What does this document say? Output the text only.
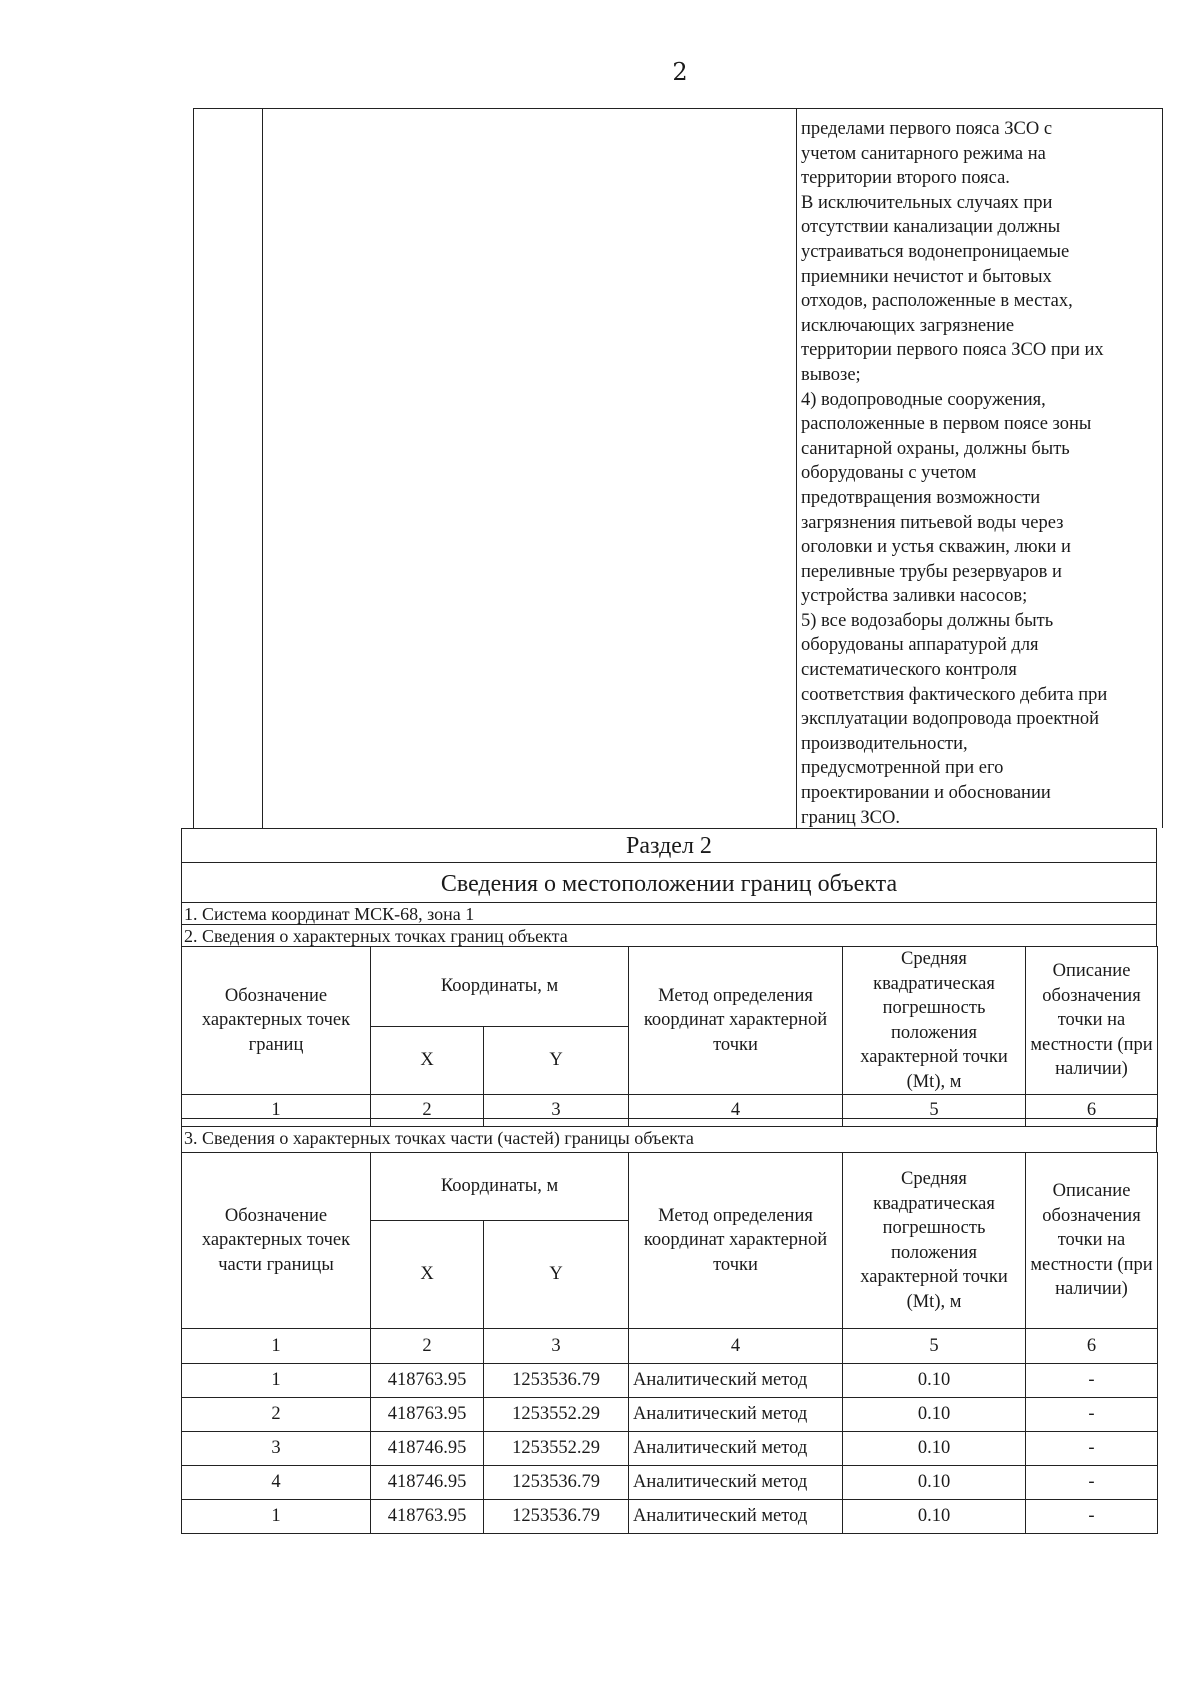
2
пределами первого пояса ЗСО с
учетом санитарного режима на
территории второго пояса.
В исключительных случаях при
отсутствии канализации должны
устраиваться водонепроницаемые
приемники нечистот и бытовых
отходов, расположенные в местах,
исключающих загрязнение
территории первого пояса ЗСО при их
вывозе;
4) водопроводные сооружения,
расположенные в первом поясе зоны
санитарной охраны, должны быть
оборудованы с учетом
предотвращения возможности
загрязнения питьевой воды через
оголовки и устья скважин, люки и
переливные трубы резервуаров и
устройства заливки насосов;
5) все водозаборы должны быть
оборудованы аппаратурой для
систематического контроля
соответствия фактического дебита при
эксплуатации водопровода проектной
производительности,
предусмотренной при его
проектировании и обосновании
границ ЗСО.
Раздел 2
Сведения о местоположении границ объекта
1. Система координат МСК-68, зона 1
2. Сведения о характерных точках границ объекта
Обозначение характерных точек границ	Координаты, м		Метод определения координат характерной точки	Средняя квадратическая погрешность положения характерной точки (Mt), м	Описание обозначения точки на местности (при наличии)
	X	Y			
1	2	3	4	5	6
3. Сведения о характерных точках части (частей) границы объекта
Обозначение характерных точек части границы	Координаты, м		Метод определения координат характерной точки	Средняя квадратическая погрешность положения характерной точки (Mt), м	Описание обозначения точки на местности (при наличии)
	X	Y			
1	2	3	4	5	6
1	418763.95	1253536.79	Аналитический метод	0.10	-
2	418763.95	1253552.29	Аналитический метод	0.10	-
3	418746.95	1253552.29	Аналитический метод	0.10	-
4	418746.95	1253536.79	Аналитический метод	0.10	-
1	418763.95	1253536.79	Аналитический метод	0.10	-
